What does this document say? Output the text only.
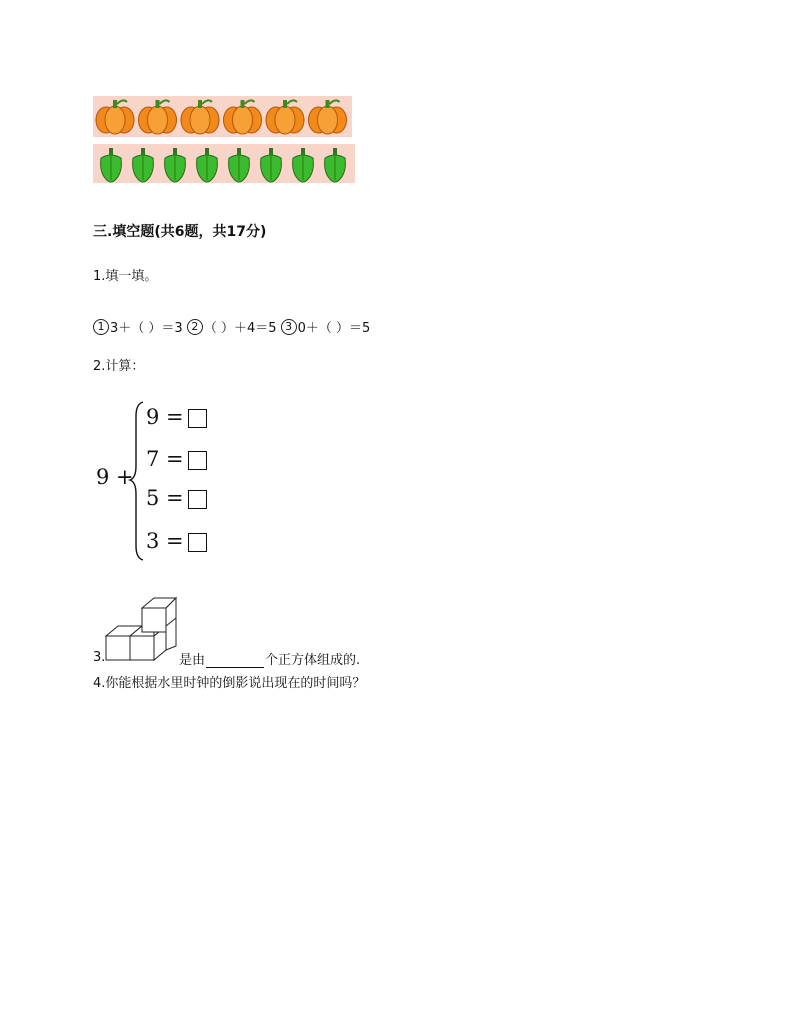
三.填空题(共6题，共17分)
1.填一填。
1 3＋（ ）＝3
2 （ ）＋4＝5
3 0＋（ ）＝5
2.计算：
9 +
9 =
7 =
5 =
3 =
3.	是由	个正方体组成的.
4.你能根据水里时钟的倒影说出现在的时间吗？
